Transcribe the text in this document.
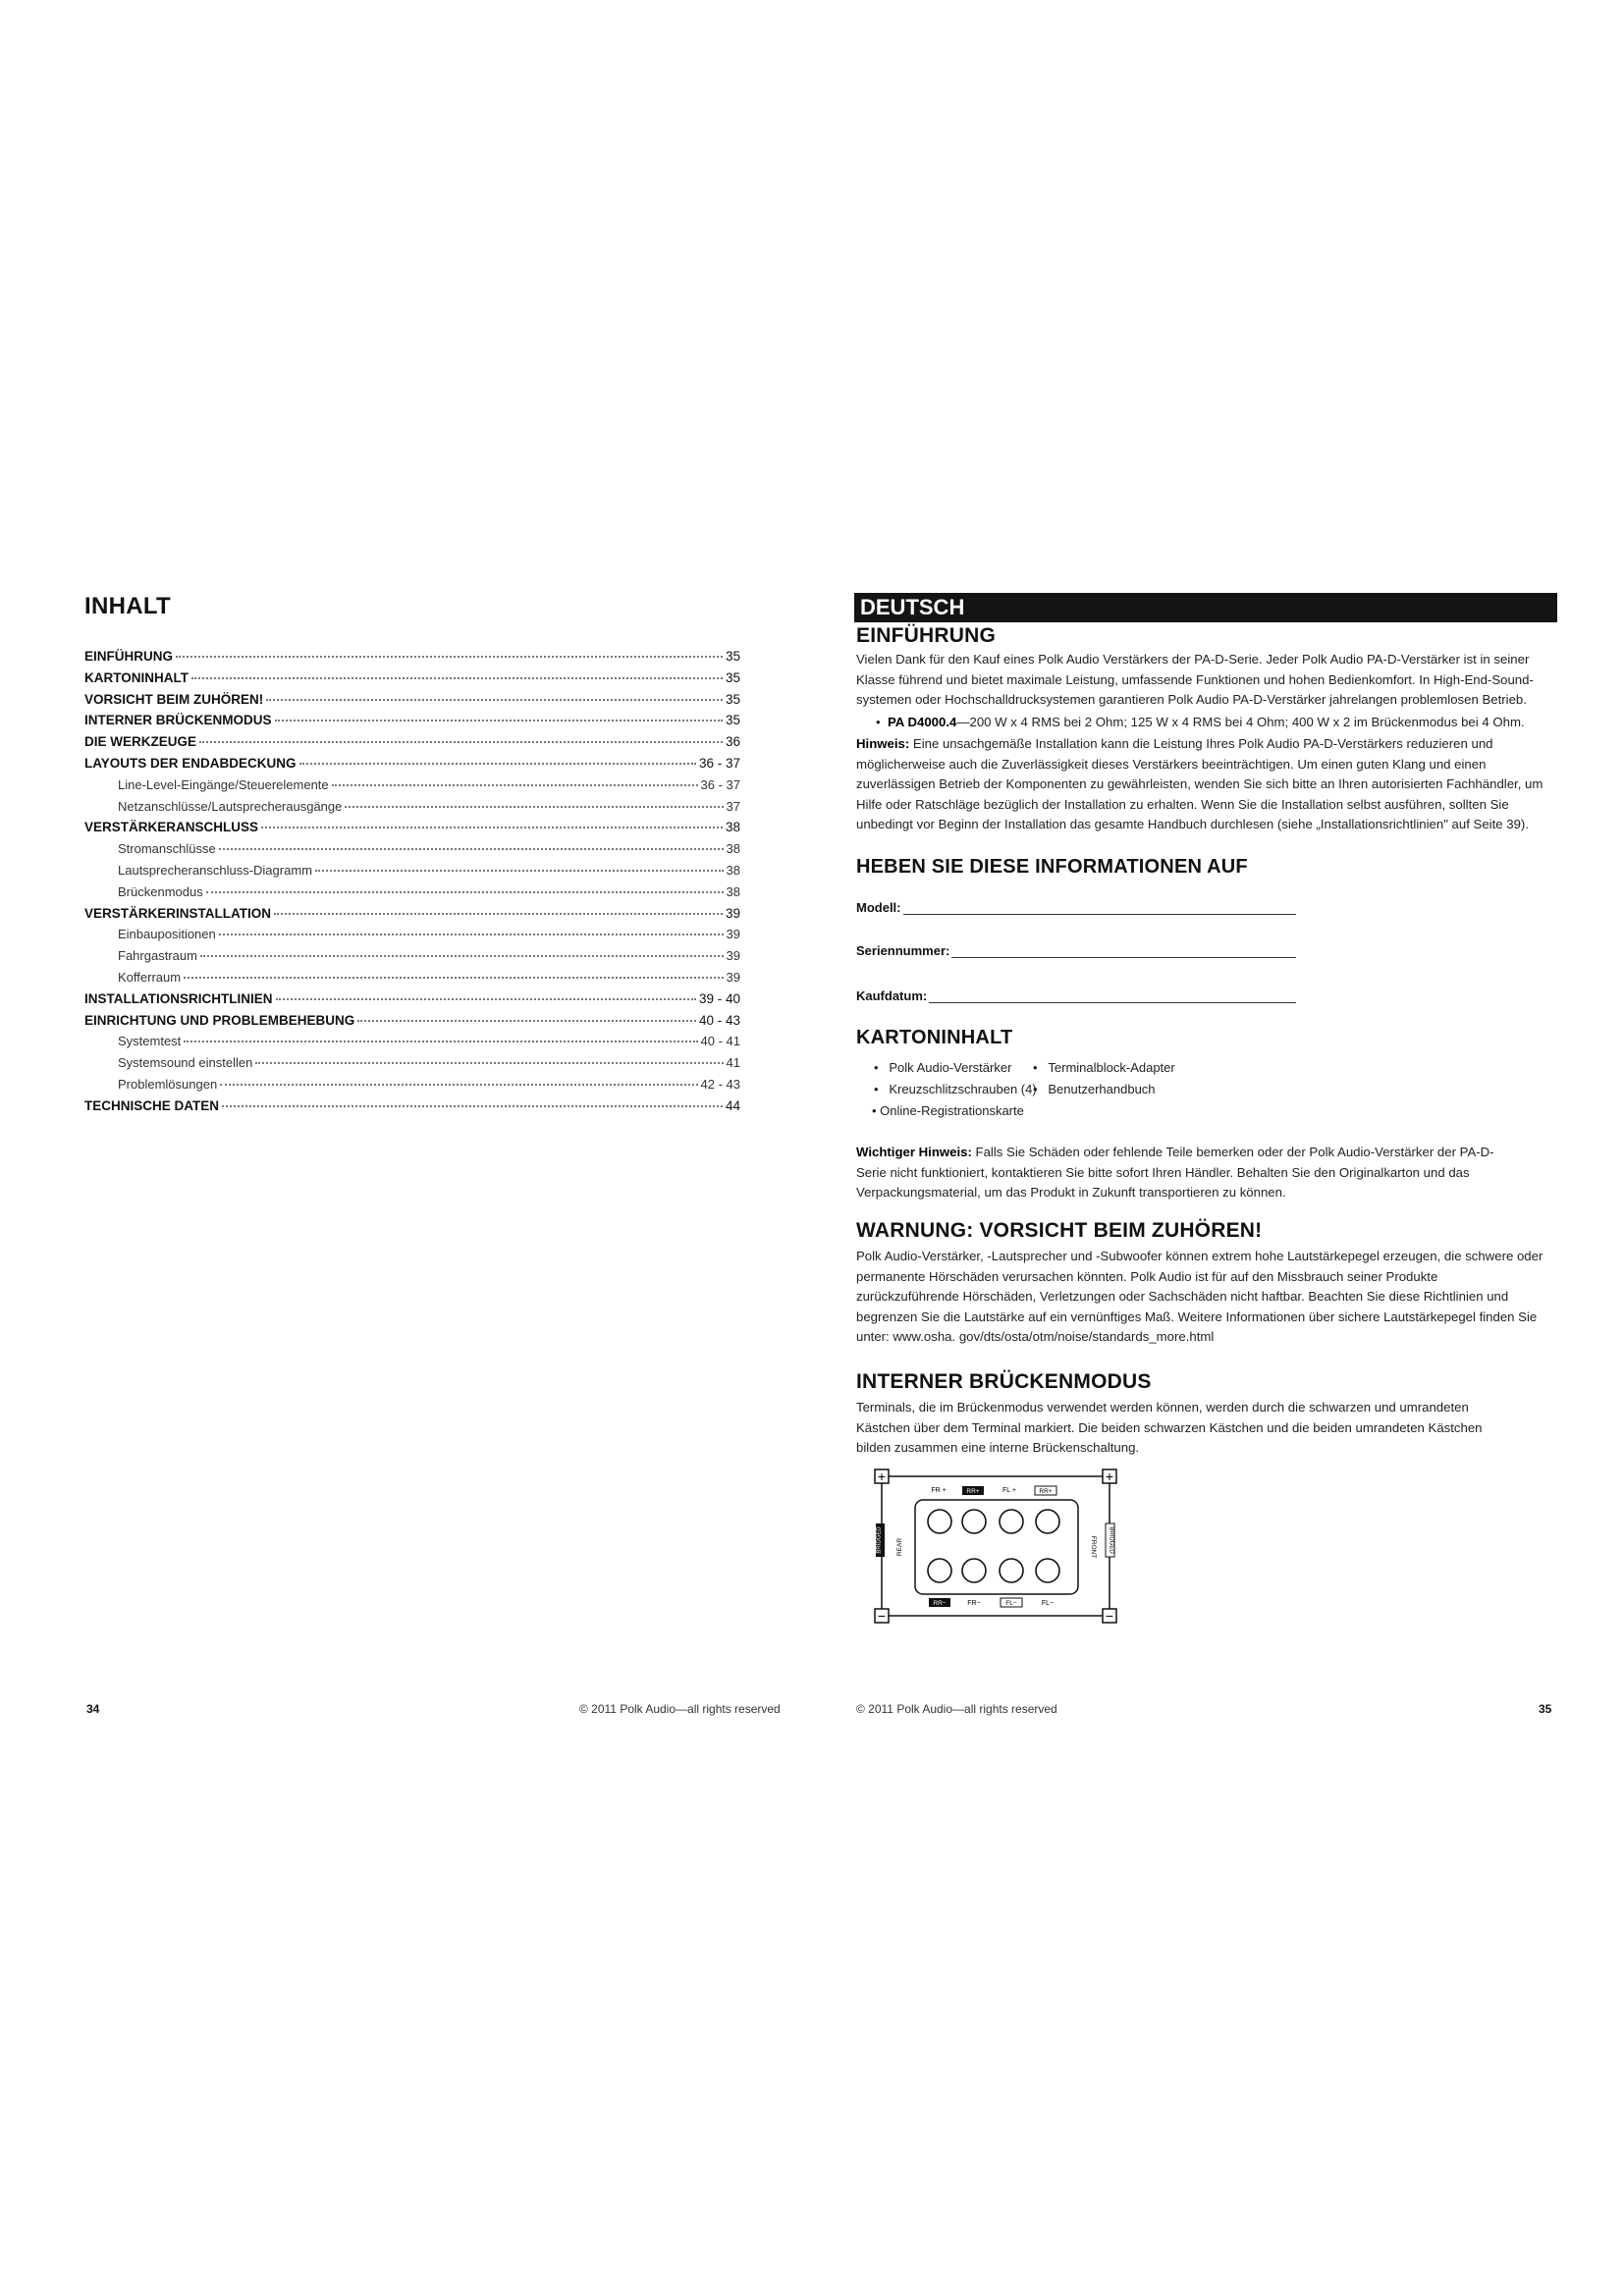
INHALT
EINFÜHRUNG	35
KARTONINHALT	35
VORSICHT BEIM ZUHÖREN!	35
INTERNER BRÜCKENMODUS	35
DIE WERKZEUGE	36
LAYOUTS DER ENDABDECKUNG	36 - 37
Line-Level-Eingänge/Steuerelemente	36 - 37
Netzanschlüsse/Lautsprecherausgänge	37
VERSTÄRKERANSCHLUSS	38
Stromanschlüsse	38
Lautsprecheranschluss-Diagramm	38
Brückenmodus	38
VERSTÄRKERINSTALLATION	39
Einbaupositionen	39
Fahrgastraum	39
Kofferraum	39
INSTALLATIONSRICHTLINIEN	39 - 40
EINRICHTUNG UND PROBLEMBEHEBUNG	40 - 43
Systemtest	40 - 41
Systemsound einstellen	41
Problemlösungen	42 - 43
TECHNISCHE DATEN	44
34	© 2011 Polk Audio—all rights reserved
DEUTSCH
EINFÜHRUNG
Vielen Dank für den Kauf eines Polk Audio Verstärkers der PA-D-Serie. Jeder Polk Audio PA-D-Verstärker ist in seiner Klasse führend und bietet maximale Leistung, umfassende Funktionen und hohen Bedienkomfort. In High-End-Sound-systemen oder Hochschalldrucksystemen garantieren Polk Audio PA-D-Verstärker jahrelangen problemlosen Betrieb.
•  PA D4000.4—200 W x 4 RMS bei 2 Ohm; 125 W x 4 RMS bei 4 Ohm; 400 W x 2 im Brückenmodus bei 4 Ohm.
Hinweis: Eine unsachgemäße Installation kann die Leistung Ihres Polk Audio PA-D-Verstärkers reduzieren und möglicherweise auch die Zuverlässigkeit dieses Verstärkers beeinträchtigen. Um einen guten Klang und einen zuverlässigen Betrieb der Komponenten zu gewährleisten, wenden Sie sich bitte an Ihren autorisierten Fachhändler, um Hilfe oder Ratschläge bezüglich der Installation zu erhalten. Wenn Sie die Installation selbst ausführen, sollten Sie unbedingt vor Beginn der Installation das gesamte Handbuch durchlesen (siehe „Installationsrichtlinien" auf Seite 39).
HEBEN SIE DIESE INFORMATIONEN AUF
Modell:
Seriennummer:
Kaufdatum:
KARTONINHALT
•   Polk Audio-Verstärker
•   Kreuzschlitzschrauben (4)
• Online-Registrationskarte
•   Terminalblock-Adapter
•   Benutzerhandbuch
Wichtiger Hinweis: Falls Sie Schäden oder fehlende Teile bemerken oder der Polk Audio-Verstärker der PA-D-Serie nicht funktioniert, kontaktieren Sie bitte sofort Ihren Händler. Behalten Sie den Originalkarton und das Verpackungsmaterial, um das Produkt in Zukunft transportieren zu können.
WARNUNG: VORSICHT BEIM ZUHÖREN!
Polk Audio-Verstärker, -Lautsprecher und -Subwoofer können extrem hohe Lautstärkepegel erzeugen, die schwere oder permanente Hörschäden verursachen könnten. Polk Audio ist für auf den Missbrauch seiner Produkte zurückzuführende Hörschäden, Verletzungen oder Sachschäden nicht haftbar. Beachten Sie diese Richtlinien und begrenzen Sie die Lautstärke auf ein vernünftiges Maß. Weitere Informationen über sichere Lautstärkepegel finden Sie unter: www.osha. gov/dts/osta/otm/noise/standards_more.html
INTERNER BRÜCKENMODUS
Terminals, die im Brückenmodus verwendet werden können, werden durch die schwarzen und umrandeten Kästchen über dem Terminal markiert. Die beiden schwarzen Kästchen und die beiden umrandeten Kästchen bilden zusammen eine interne Brückenschaltung.
+	+
−	−
FR +	RR+	FL +	RR+
BRIDGED REAR	FRONT BRIDGED
RR−	FR−	FL−	FL−
© 2011 Polk Audio—all rights reserved	35
